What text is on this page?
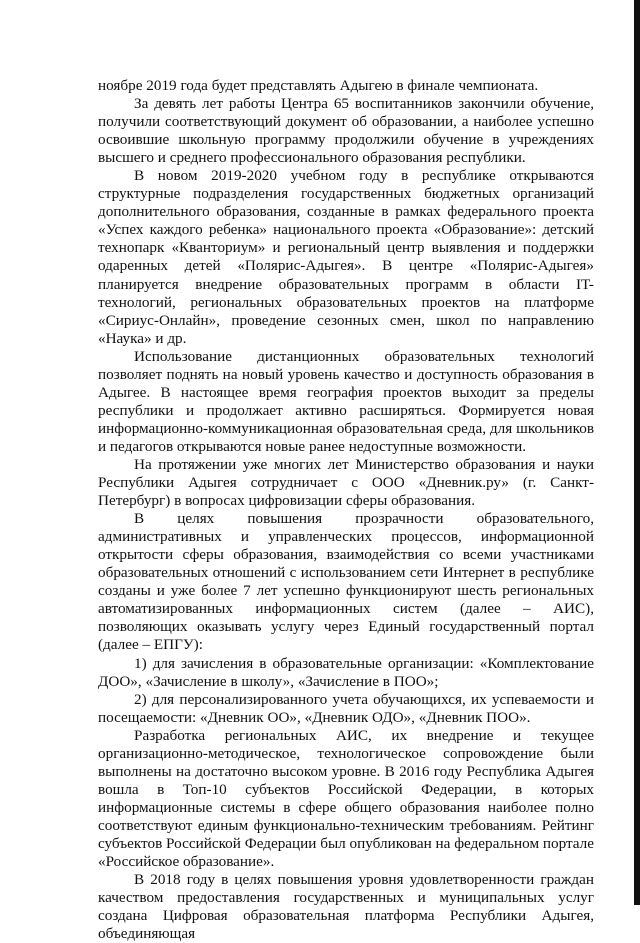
ноябре 2019 года будет представлять Адыгею в финале чемпионата.

За девять лет работы Центра 65 воспитанников закончили обучение, получили соответствующий документ об образовании, а наиболее успешно освоившие школьную программу продолжили обучение в учреждениях высшего и среднего профессионального образования республики.

В новом 2019-2020 учебном году в республике открываются структурные подразделения государственных бюджетных организаций дополнительного образования, созданные в рамках федерального проекта «Успех каждого ребенка» национального проекта «Образование»: детский технопарк «Кванториум» и региональный центр выявления и поддержки одаренных детей «Полярис-Адыгея». В центре «Полярис-Адыгея» планируется внедрение образовательных программ в области IT-технологий, региональных образовательных проектов на платформе «Сириус-Онлайн», проведение сезонных смен, школ по направлению «Наука» и др.

Использование дистанционных образовательных технологий позволяет поднять на новый уровень качество и доступность образования в Адыгее. В настоящее время география проектов выходит за пределы республики и продолжает активно расширяться. Формируется новая информационно-коммуникационная образовательная среда, для школьников и педагогов открываются новые ранее недоступные возможности.

На протяжении уже многих лет Министерство образования и науки Республики Адыгея сотрудничает с ООО «Дневник.ру» (г. Санкт-Петербург) в вопросах цифровизации сферы образования.

В целях повышения прозрачности образовательного, административных и управленческих процессов, информационной открытости сферы образования, взаимодействия со всеми участниками образовательных отношений с использованием сети Интернет в республике созданы и уже более 7 лет успешно функционируют шесть региональных автоматизированных информационных систем (далее – АИС), позволяющих оказывать услугу через Единый государственный портал (далее – ЕПГУ):

1) для зачисления в образовательные организации: «Комплектование ДОО», «Зачисление в школу», «Зачисление в ПОО»;

2) для персонализированного учета обучающихся, их успеваемости и посещаемости: «Дневник ОО», «Дневник ОДО», «Дневник ПОО».

Разработка региональных АИС, их внедрение и текущее организационно-методическое, технологическое сопровождение были выполнены на достаточно высоком уровне. В 2016 году Республика Адыгея вошла в Топ-10 субъектов Российской Федерации, в которых информационные системы в сфере общего образования наиболее полно соответствуют единым функционально-техническим требованиям. Рейтинг субъектов Российской Федерации был опубликован на федеральном портале «Российское образование».

В 2018 году в целях повышения уровня удовлетворенности граждан качеством предоставления государственных и муниципальных услуг создана Цифровая образовательная платформа Республики Адыгея, объединяющая
